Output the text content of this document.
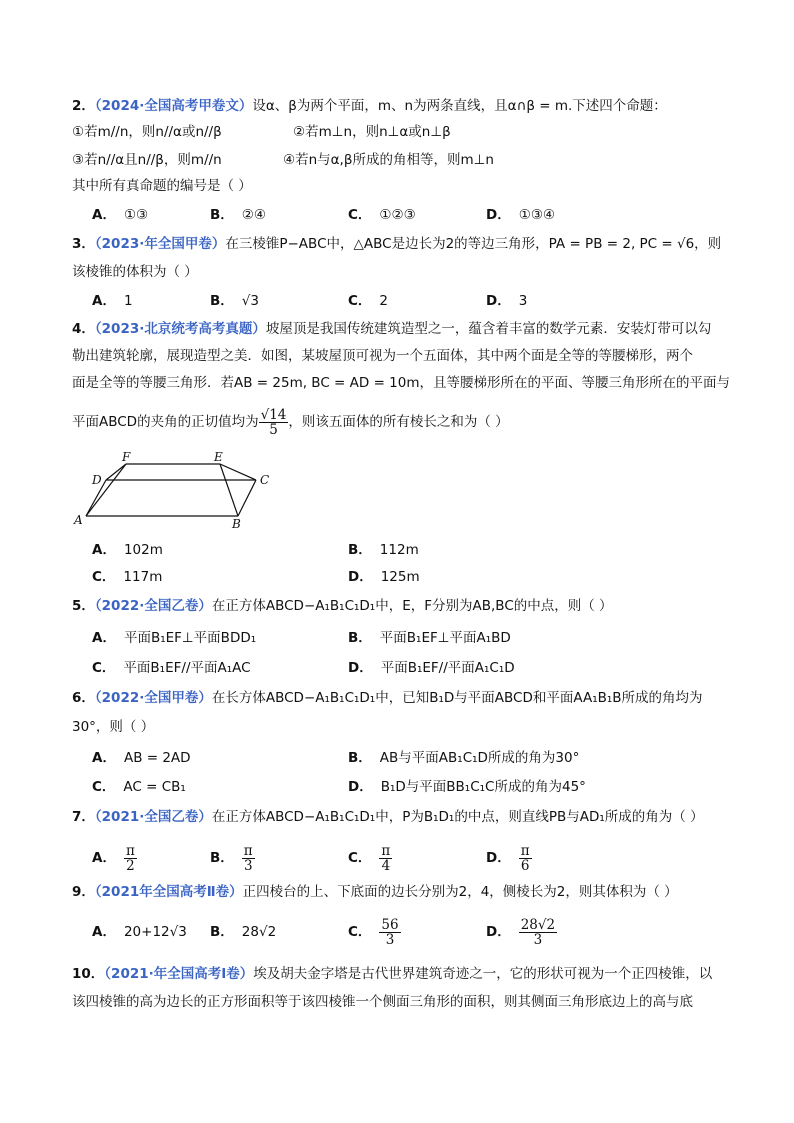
2．（2024·全国高考甲卷文）设α、β为两个平面，m、n为两条直线，且α∩β = m.下述四个命题：
①若m//n，则n//α或n//β	②若m⊥n，则n⊥α或n⊥β
③若n//α且n//β，则m//n	④若n与α,β所成的角相等，则m⊥n
其中所有真命题的编号是（ ）
A． ①③	B． ②④	C． ①②③	D． ①③④
3．（2023·年全国甲卷）在三棱锥P−ABC中，△ABC是边长为2的等边三角形，PA = PB = 2, PC = √6，则
该棱锥的体积为（ ）
A． 1	B． √3	C． 2	D． 3
4．（2023·北京统考高考真题）坡屋顶是我国传统建筑造型之一，蕴含着丰富的数学元素．安装灯带可以勾
勒出建筑轮廓，展现造型之美．如图，某坡屋顶可视为一个五面体，其中两个面是全等的等腰梯形，两个
面是全等的等腰三角形．若AB = 25m, BC = AD = 10m，且等腰梯形所在的平面、等腰三角形所在的平面与
平面ABCD的夹角的正切值均为 $\frac{√14}{5}$ ，则该五面体的所有棱长之和为（ ）
F	E
D	C
A	B
A． 102m	B． 112m
C． 117m	D． 125m
5．（2022·全国乙卷）在正方体ABCD−A₁B₁C₁D₁中，E，F分别为AB,BC的中点，则（ ）
A． 平面B₁EF⊥平面BDD₁	B． 平面B₁EF⊥平面A₁BD
C． 平面B₁EF//平面A₁AC	D． 平面B₁EF//平面A₁C₁D
6．（2022·全国甲卷）在长方体ABCD−A₁B₁C₁D₁中，已知B₁D与平面ABCD和平面AA₁B₁B所成的角均为
30°，则（ ）
A． AB = 2AD	B． AB与平面AB₁C₁D所成的角为30°
C． AC = CB₁	D． B₁D与平面BB₁C₁C所成的角为45°
7．（2021·全国乙卷）在正方体ABCD−A₁B₁C₁D₁中，P为B₁D₁的中点，则直线PB与AD₁所成的角为（ ）
A． $\frac{\pi}{2}$	B． $\frac{\pi}{3}$	C． $\frac{\pi}{4}$	D． $\frac{\pi}{6}$
9．（2021年全国高考Ⅱ卷）正四棱台的上、下底面的边长分别为2，4，侧棱长为2，则其体积为（ ）
A． 20+12√3 B． 28√2	C． $\frac{56}{3}$	D． $\frac{28√2}{3}$
10．（2021·年全国高考Ⅰ卷）埃及胡夫金字塔是古代世界建筑奇迹之一，它的形状可视为一个正四棱锥，以
该四棱锥的高为边长的正方形面积等于该四棱锥一个侧面三角形的面积，则其侧面三角形底边上的高与底
